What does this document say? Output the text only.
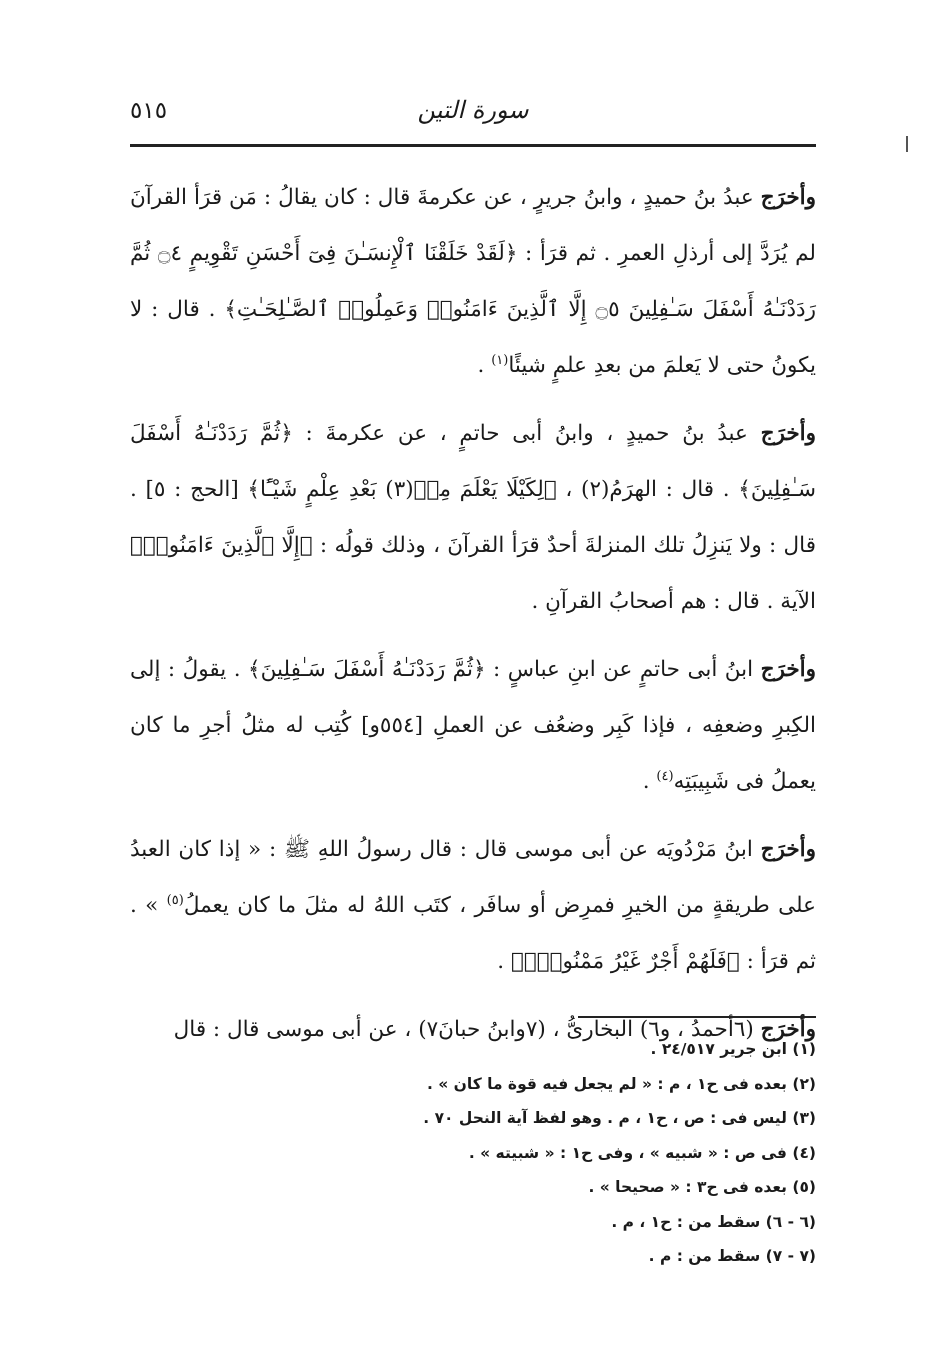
٥١٥	سورة التين

وأخرَج عبدُ بنُ حميدٍ ، وابنُ جريرٍ ، عن عكرمةَ قال : كان يقالُ : مَن قرَأ القرآنَ لم يُرَدَّ إلى أرذلِ العمرِ . ثم قرَأ : ﴿لَقَدْ خَلَقْنَا ٱلْإِنسَـٰنَ فِىٓ أَحْسَنِ تَقْوِيمٍ ۝٤ ثُمَّ رَدَدْنَـٰهُ أَسْفَلَ سَـٰفِلِينَ ۝٥ إِلَّا ٱلَّذِينَ ءَامَنُوا۟ وَعَمِلُوا۟ ٱلصَّـٰلِحَـٰتِ﴾ . قال : لا يكونُ حتى لا يَعلمَ من بعدِ علمٍ شيئًا$^{(١)}$ .

وأخرَج عبدُ بنُ حميدٍ ، وابنُ أبى حاتمٍ ، عن عكرمةَ : ﴿ثُمَّ رَدَدْنَـٰهُ أَسْفَلَ سَـٰفِلِينَ﴾ . قال : الهرَمُ(٢) ، ﴿لِكَيْلَا يَعْلَمَ مِنۢ(٣) بَعْدِ عِلْمٍ شَيْـًٔا﴾ [الحج : ٥] . قال : ولا يَنزِلُ تلك المنزلةَ أحدٌ قرَأ القرآنَ ، وذلك قولُه : ﴿إِلَّا ٱلَّذِينَ ءَامَنُوا۟﴾ الآية . قال : هم أصحابُ القرآنِ .

وأخرَج ابنُ أبى حاتمٍ عن ابنِ عباسٍ : ﴿ثُمَّ رَدَدْنَـٰهُ أَسْفَلَ سَـٰفِلِينَ﴾ . يقولُ : إلى الكِبرِ وضعفِه ، فإذا كَبِر وضعُف عن العملِ [٥٥٤و] كُتِب له مثلُ أجرِ ما كان يعملُ فى شَبِيبَتِه$^{(٤)}$ .

وأخرَج ابنُ مَرْدُويَه عن أبى موسى قال : قال رسولُ اللهِ ﷺ : « إذا كان العبدُ على طريقةٍ من الخيرِ فمرِض أو سافَر ، كتَب اللهُ له مثلَ ما كان يعملُ$^{(٥)}$ » . ثم قرَأ : ﴿فَلَهُمْ أَجْرٌ غَيْرُ مَمْنُونٍۭ﴾ .

وأخرَج (٦أحمدُ ، و٦) البخارىُّ ، (٧وابنُ حبانَ٧) ، عن أبى موسى قال : قال

(١) ابن جرير ٢٤/٥١٧ .
(٢) بعده فى ح١ ، م : « لم يجعل فيه قوة ما كان » .
(٣) ليس فى : ص ، ح١ ، م . وهو لفظ آية النحل ٧٠ .
(٤) فى ص : « شبيه » ، وفى ح١ : « شبيته » .
(٥) بعده فى ح٣ : « صحيحا » .
(٦ - ٦) سقط من : ح١ ، م .
(٧ - ٧) سقط من : م .
